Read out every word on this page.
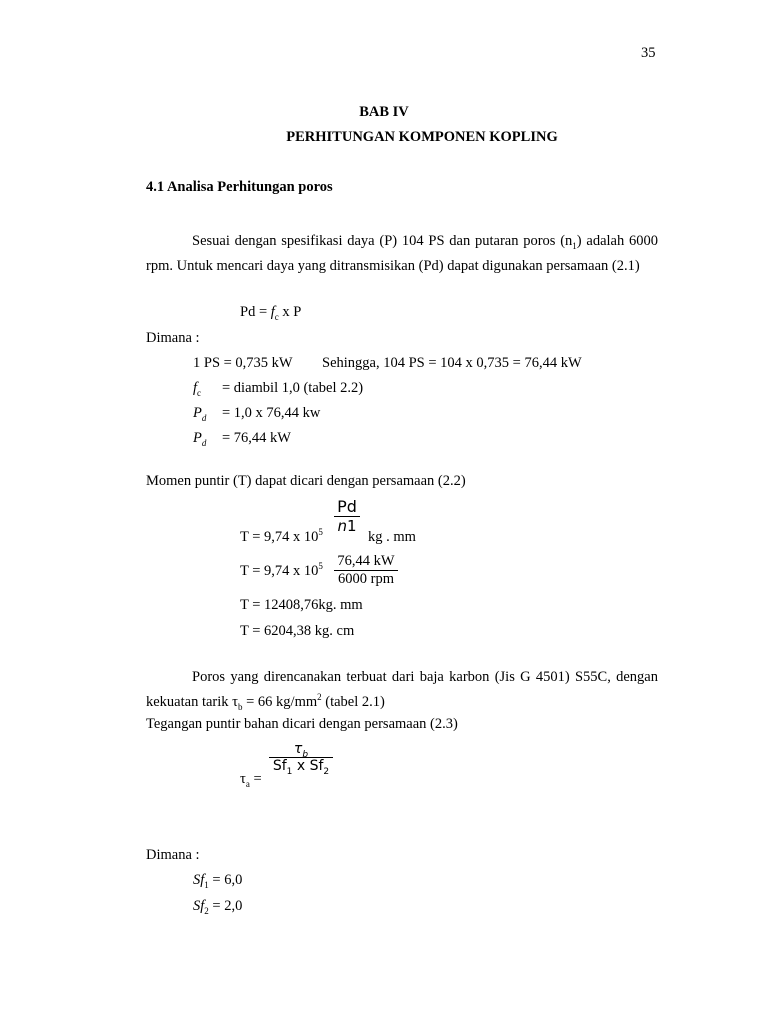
35
BAB IV
PERHITUNGAN KOMPONEN KOPLING
4.1 Analisa Perhitungan poros

Sesuai dengan spesifikasi daya (P) 104 PS dan putaran poros $(n_1)$ adalah 6000 rpm. Untuk mencari daya yang ditransmisikan (Pd) dapat digunakan persamaan (2.1)

$Pd = f_c$ x P
Dimana :
1 PS = 0,735 kW Sehingga, 104 PS = 104 x 0,735 = 76,44 kW
$f_c$ = diambil 1,0 (tabel 2.2)
$P_d = 1,0$ x 76,44 kw
$P_d = 76,44$ kW
Momen puntir (T) dapat dicari dengan persamaan (2.2)
$\frac{Pd}{n1}$
T = 9,74 x $10^5$	kg . mm
T = 9,74 x $10^5$ 76,44 kW
6000 rpm
T = 12408,76kg. mm
T = 6204,38 kg. cm

Poros yang direncanakan terbuat dari baja karbon (Jis G 4501) S55C, dengan kekuatan tarik $\tau_b = 66$ $kg/mm^2$ (tabel 2.1)

Tegangan puntir bahan dicari dengan persamaan (2.3)
$\tau_a$ =
$\frac{\tau_b}{Sf_1 x Sf_2}$
Dimana :
$Sf_1 = 6,0$
$Sf_2 = 2,0$
